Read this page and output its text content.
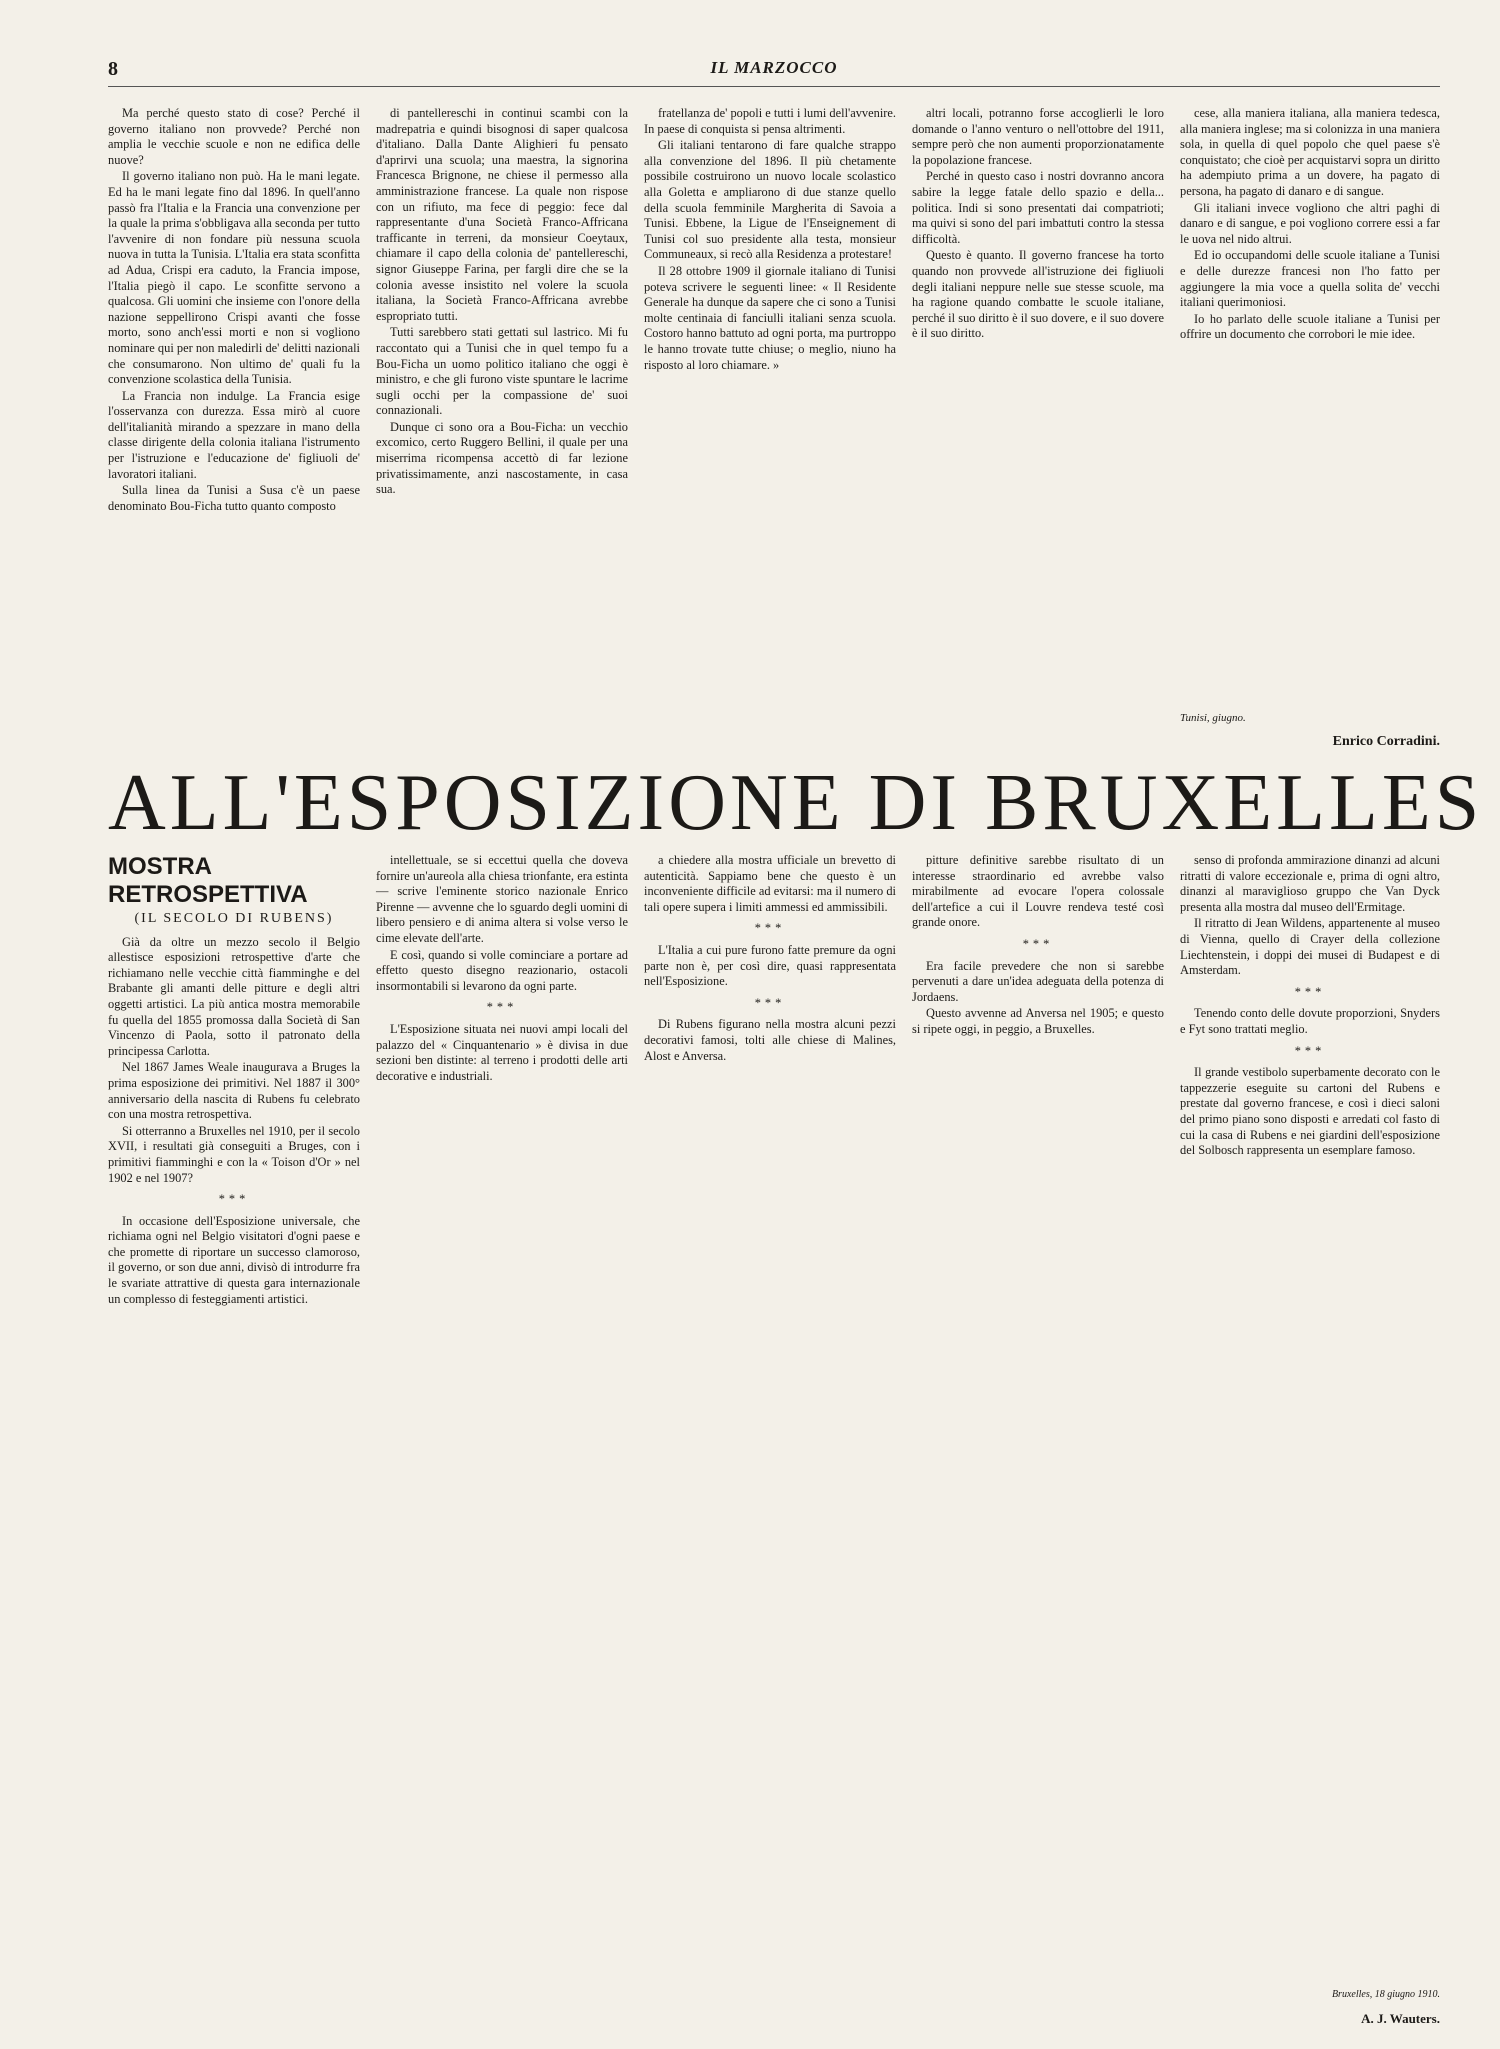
8	IL MARZOCCO

Ma perché questo stato di cose? Perché il governo italiano non provvede? Perché non amplia le vecchie scuole e non ne edifica delle nuove?

Il governo italiano non può. Ha le mani legate. Ed ha le mani legate fino dal 1896. In quell'anno passò fra l'Italia e la Francia una convenzione per la quale la prima s'obbligava alla seconda per tutto l'avvenire di non fondare più nessuna scuola nuova in tutta la Tunisia. L'Italia era stata sconfitta ad Adua, Crispi era caduto, la Francia impose, l'Italia piegò il capo. Le sconfitte servono a qualcosa. Gli uomini che insieme con l'onore della nazione seppellirono Crispi avanti che fosse morto, sono anch'essi morti e non si vogliono nominare qui per non maledirli de' delitti nazionali che consumarono. Non ultimo de' quali fu la convenzione scolastica della Tunisia.

La Francia non indulge. La Francia esige l'osservanza con durezza. Essa mirò al cuore dell'italianità mirando a spezzare in mano della classe dirigente della colonia italiana l'istrumento per l'istruzione e l'educazione de' figliuoli de' lavoratori italiani.

Sulla linea da Tunisi a Susa c'è un paese denominato Bou-Ficha tutto quanto composto

di pantellereschi in continui scambi con la madrepatria e quindi bisognosi di saper qualcosa d'italiano. Dalla Dante Alighieri fu pensato d'aprirvi una scuola; una maestra, la signorina Francesca Brignone, ne chiese il permesso alla amministrazione francese. La quale non rispose con un rifiuto, ma fece di peggio: fece dal rappresentante d'una Società Franco-Affricana trafficante in terreni, da monsieur Coeytaux, chiamare il capo della colonia de' pantellereschi, signor Giuseppe Farina, per fargli dire che se la colonia avesse insistito nel volere la scuola italiana, la Società Franco-Affricana avrebbe espropriato tutti.

Tutti sarebbero stati gettati sul lastrico. Mi fu raccontato qui a Tunisi che in quel tempo fu a Bou-Ficha un uomo politico italiano che oggi è ministro, e che gli furono viste spuntare le lacrime sugli occhi per la compassione de' suoi connazionali.

Dunque ci sono ora a Bou-Ficha: un vecchio excomico, certo Ruggero Bellini, il quale per una miserrima ricompensa accettò di far lezione privatissimamente, anzi nascostamente, in casa sua.

fratellanza de' popoli e tutti i lumi dell'avvenire. In paese di conquista si pensa altrimenti.

Gli italiani tentarono di fare qualche strappo alla convenzione del 1896. Il più chetamente possibile costruirono un nuovo locale scolastico alla Goletta e ampliarono di due stanze quello della scuola femminile Margherita di Savoia a Tunisi. Ebbene, la Ligue de l'Enseignement di Tunisi col suo presidente alla testa, monsieur Communeaux, si recò alla Residenza a protestare!

Il 28 ottobre 1909 il giornale italiano di Tunisi poteva scrivere le seguenti linee: « Il Residente Generale ha dunque da sapere che ci sono a Tunisi molte centinaia di fanciulli italiani senza scuola. Costoro hanno battuto ad ogni porta, ma purtroppo le hanno trovate tutte chiuse; o meglio, niuno ha risposto al loro chiamare. »

altri locali, potranno forse accoglierli le loro domande o l'anno venturo o nell'ottobre del 1911, sempre però che non aumenti proporzionatamente la popolazione francese.

Perché in questo caso i nostri dovranno ancora sabire la legge fatale dello spazio e della... politica. Indi si sono presentati dai compatrioti; ma quivi si sono del pari imbattuti contro la stessa difficoltà.

Questo è quanto. Il governo francese ha torto quando non provvede all'istruzione dei figliuoli degli italiani neppure nelle sue stesse scuole, ma ha ragione quando combatte le scuole italiane, perché il suo diritto è il suo dovere, e il suo dovere è il suo diritto.

cese, alla maniera italiana, alla maniera tedesca, alla maniera inglese; ma si colonizza in una maniera sola, in quella di quel popolo che quel paese s'è conquistato; che cioè per acquistarvi sopra un diritto ha adempiuto prima a un dovere, ha pagato di persona, ha pagato di danaro e di sangue.

Gli italiani invece vogliono che altri paghi di danaro e di sangue, e poi vogliono correre essi a far le uova nel nido altrui.

Ed io occupandomi delle scuole italiane a Tunisi e delle durezze francesi non l'ho fatto per aggiungere la mia voce a quella solita de' vecchi italiani querimoniosi.

Io ho parlato delle scuole italiane a Tunisi per offrire un documento che corrobori le mie idee.

Tunisi, giugno.
Enrico Corradini.
ALL'ESPOSIZIONE DI BRUXELLES
MOSTRA RETROSPETTIVA
(IL SECOLO DI RUBENS)

Già da oltre un mezzo secolo il Belgio allestisce esposizioni retrospettive d'arte che richiamano nelle vecchie città fiamminghe e del Brabante gli amanti delle pitture e degli altri oggetti artistici. La più antica mostra memorabile fu quella del 1855 promossa dalla Società di San Vincenzo di Paola, sotto il patronato della principessa Carlotta.

Nel 1867 James Weale inaugurava a Bruges la prima esposizione dei primitivi. Nel 1887 il 300° anniversario della nascita di Rubens fu celebrato con una mostra retrospettiva.

Si otterranno a Bruxelles nel 1910, per il secolo XVII, i resultati già conseguiti a Bruges, con i primitivi fiamminghi e con la « Toison d'Or » nel 1902 e nel 1907?

***

In occasione dell'Esposizione universale, che richiama ogni nel Belgio visitatori d'ogni paese e che promette di riportare un successo clamoroso, il governo, or son due anni, divisò di introdurre fra le svariate attrattive di questa gara internazionale un complesso di festeggiamenti artistici.

intellettuale, se si eccettui quella che doveva fornire un'aureola alla chiesa trionfante, era estinta — scrive l'eminente storico nazionale Enrico Pirenne — avvenne che lo sguardo degli uomini di libero pensiero e di anima altera si volse verso le cime elevate dell'arte.

E così, quando si volle cominciare a portare ad effetto questo disegno reazionario, ostacoli insormontabili si levarono da ogni parte.

***

L'Esposizione situata nei nuovi ampi locali del palazzo del « Cinquantenario » è divisa in due sezioni ben distinte: al terreno i prodotti delle arti decorative e industriali.

a chiedere alla mostra ufficiale un brevetto di autenticità. Sappiamo bene che questo è un inconveniente difficile ad evitarsi: ma il numero di tali opere supera i limiti ammessi ed ammissibili.

***

L'Italia a cui pure furono fatte premure da ogni parte non è, per così dire, quasi rappresentata nell'Esposizione.

***

Di Rubens figurano nella mostra alcuni pezzi decorativi famosi, tolti alle chiese di Malines, Alost e Anversa.

pitture definitive sarebbe risultato di un interesse straordinario ed avrebbe valso mirabilmente ad evocare l'opera colossale dell'artefice a cui il Louvre rendeva testé così grande onore.

***

Era facile prevedere che non si sarebbe pervenuti a dare un'idea adeguata della potenza di Jordaens.

Questo avvenne ad Anversa nel 1905; e questo si ripete oggi, in peggio, a Bruxelles.

senso di profonda ammirazione dinanzi ad alcuni ritratti di valore eccezionale e, prima di ogni altro, dinanzi al maraviglioso gruppo che Van Dyck presenta alla mostra dal museo dell'Ermitage.

Il ritratto di Jean Wildens, appartenente al museo di Vienna, quello di Crayer della collezione Liechtenstein, i doppi dei musei di Budapest e di Amsterdam.

***

Tenendo conto delle dovute proporzioni, Snyders e Fyt sono trattati meglio.

***

Il grande vestibolo superbamente decorato con le tappezzerie eseguite su cartoni del Rubens e prestate dal governo francese, e così i dieci saloni del primo piano sono disposti e arredati col fasto di cui la casa di Rubens e nei giardini dell'esposizione del Solbosch rappresenta un esemplare famoso.

Bruxelles, 18 giugno 1910.
A. J. Wauters.
